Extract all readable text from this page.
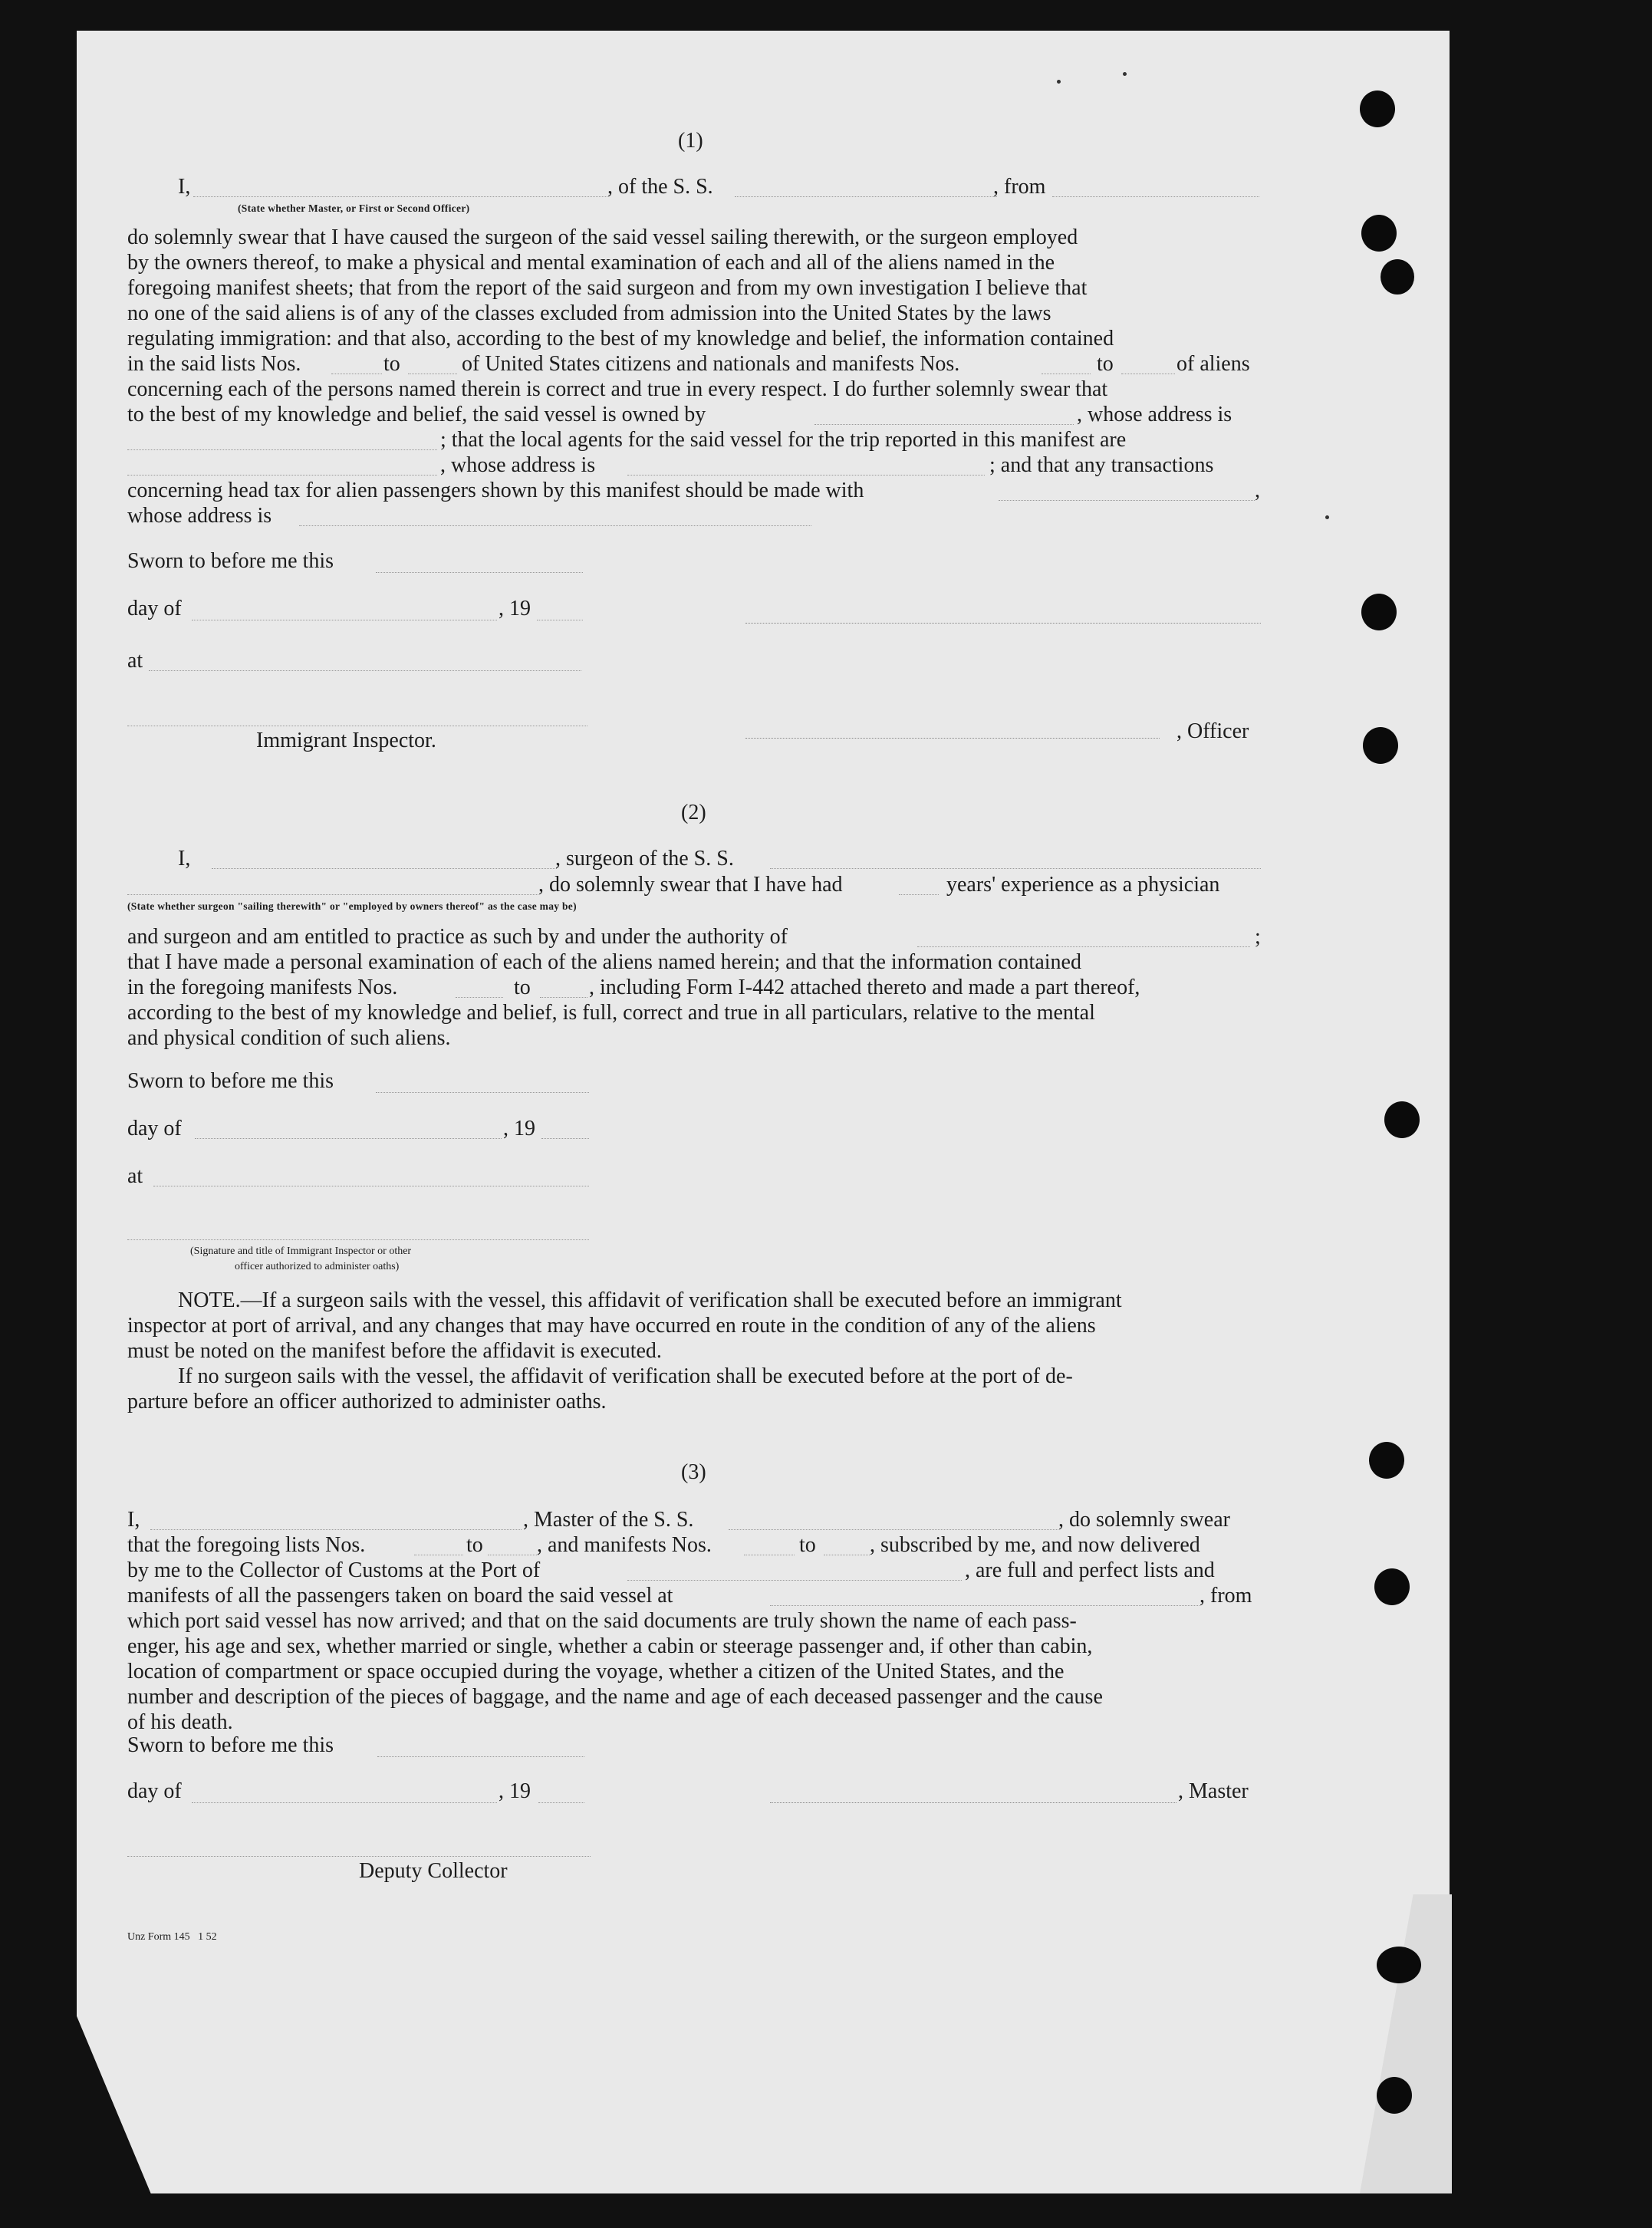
(1)
I,	, of the S. S.	, from
(State whether Master, or First or Second Officer)
do solemnly swear that I have caused the surgeon of the said vessel sailing therewith, or the surgeon employed
by the owners thereof, to make a physical and mental examination of each and all of the aliens named in the
foregoing manifest sheets; that from the report of the said surgeon and from my own investigation I believe that
no one of the said aliens is of any of the classes excluded from admission into the United States by the laws
regulating immigration: and that also, according to the best of my knowledge and belief, the information contained
in the said lists Nos.	to	of United States citizens and nationals and manifests Nos.	to	of aliens
concerning each of the persons named therein is correct and true in every respect. I do further solemnly swear that
to the best of my knowledge and belief, the said vessel is owned by	, whose address is
; that the local agents for the said vessel for the trip reported in this manifest are
, whose address is	; and that any transactions
concerning head tax for alien passengers shown by this manifest should be made with	,
whose address is
Sworn to before me this
day of	, 19
at
Immigrant Inspector.	, Officer
(2)
I,	, surgeon of the S. S.
, do solemnly swear that I have had	years' experience as a physician
(State whether surgeon "sailing therewith" or "employed by owners thereof" as the case may be)
and surgeon and am entitled to practice as such by and under the authority of	;
that I have made a personal examination of each of the aliens named herein; and that the information contained
in the foregoing manifests Nos.	to	, including Form I-442 attached thereto and made a part thereof,
according to the best of my knowledge and belief, is full, correct and true in all particulars, relative to the mental
and physical condition of such aliens.
Sworn to before me this
day of	, 19
at
(Signature and title of Immigrant Inspector or other
officer authorized to administer oaths)
NOTE.—If a surgeon sails with the vessel, this affidavit of verification shall be executed before an immigrant
inspector at port of arrival, and any changes that may have occurred en route in the condition of any of the aliens
must be noted on the manifest before the affidavit is executed.
If no surgeon sails with the vessel, the affidavit of verification shall be executed before at the port of de-
parture before an officer authorized to administer oaths.
(3)
I,	, Master of the S. S.	, do solemnly swear
that the foregoing lists Nos.	to	, and manifests Nos.	to	, subscribed by me, and now delivered
by me to the Collector of Customs at the Port of	, are full and perfect lists and
manifests of all the passengers taken on board the said vessel at	, from
which port said vessel has now arrived; and that on the said documents are truly shown the name of each pass-
enger, his age and sex, whether married or single, whether a cabin or steerage passenger and, if other than cabin,
location of compartment or space occupied during the voyage, whether a citizen of the United States, and the
number and description of the pieces of baggage, and the name and age of each deceased passenger and the cause
of his death.
Sworn to before me this
day of	, 19	, Master
Deputy Collector
Unz Form 145   1 52
